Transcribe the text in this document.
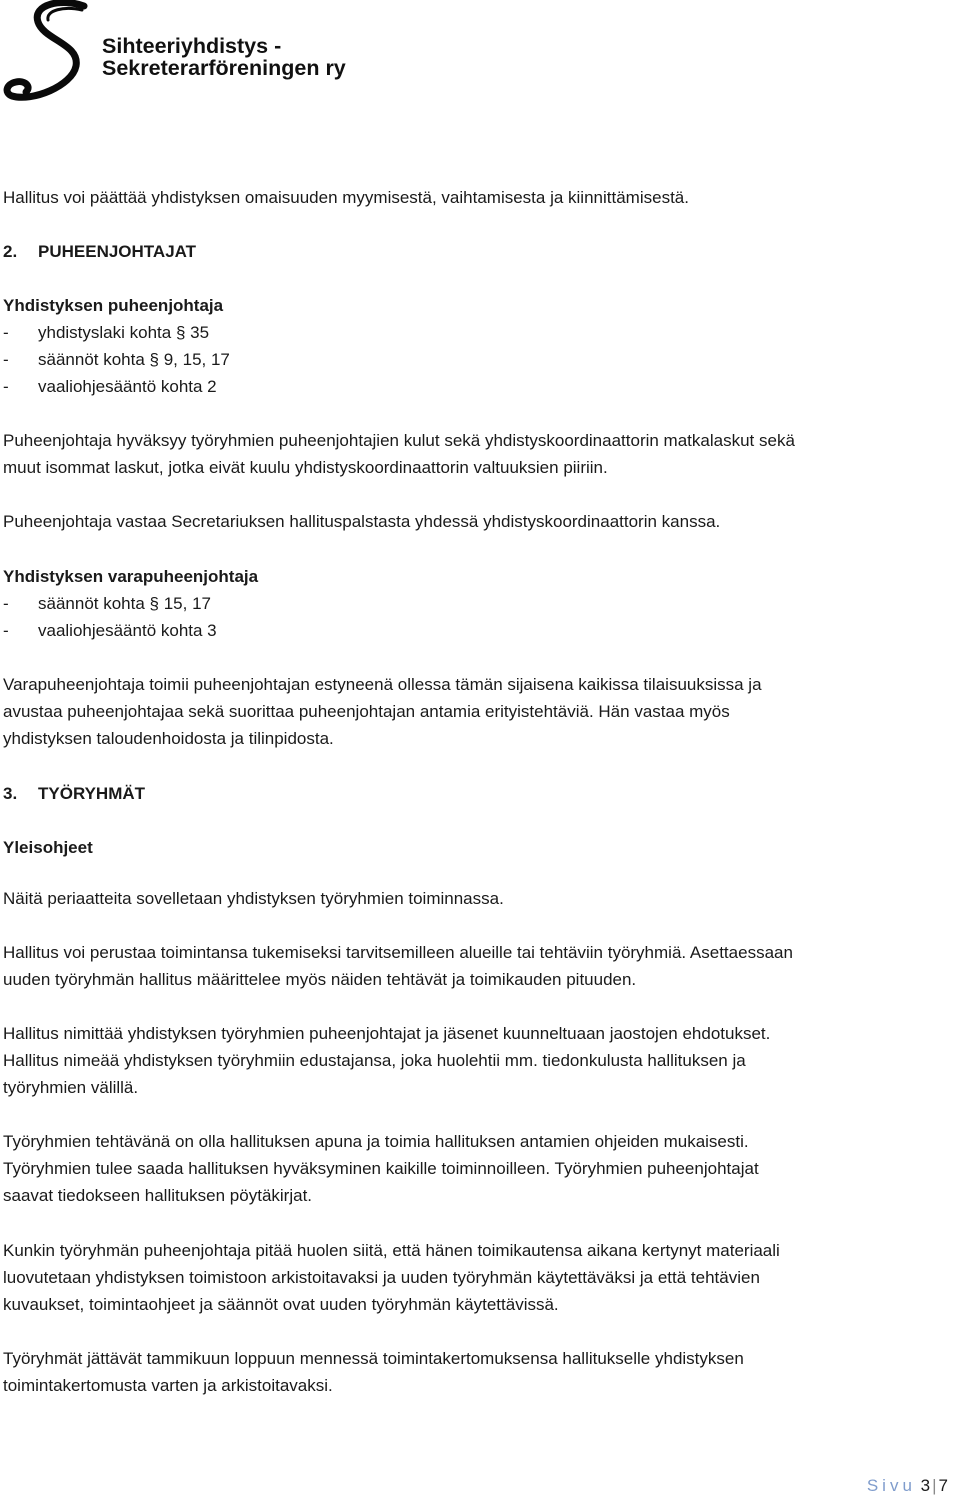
Sihteeriyhdistys -
Sekreterarföreningen ry

Hallitus voi päättää yhdistyksen omaisuuden myymisestä, vaihtamisesta ja kiinnittämisestä.

2. PUHEENJOHTAJAT
Yhdistyksen puheenjohtaja
- yhdistyslaki kohta § 35
- säännöt kohta § 9, 15, 17
- vaaliohjesääntö kohta 2
Puheenjohtaja hyväksyy työryhmien puheenjohtajien kulut sekä yhdistyskoordinaattorin matkalaskut sekä
muut isommat laskut, jotka eivät kuulu yhdistyskoordinaattorin valtuuksien piiriin.
Puheenjohtaja vastaa Secretariuksen hallituspalstasta yhdessä yhdistyskoordinaattorin kanssa.
Yhdistyksen varapuheenjohtaja
- säännöt kohta § 15, 17
- vaaliohjesääntö kohta 3
Varapuheenjohtaja toimii puheenjohtajan estyneenä ollessa tämän sijaisena kaikissa tilaisuuksissa ja
avustaa puheenjohtajaa sekä suorittaa puheenjohtajan antamia erityistehtäviä. Hän vastaa myös
yhdistyksen taloudenhoidosta ja tilinpidosta.
3. TYÖRYHMÄT
Yleisohjeet
Näitä periaatteita sovelletaan yhdistyksen työryhmien toiminnassa.
Hallitus voi perustaa toimintansa tukemiseksi tarvitsemilleen alueille tai tehtäviin työryhmiä. Asettaessaan
uuden työryhmän hallitus määrittelee myös näiden tehtävät ja toimikauden pituuden.
Hallitus nimittää yhdistyksen työryhmien puheenjohtajat ja jäsenet kuunneltuaan jaostojen ehdotukset.
Hallitus nimeää yhdistyksen työryhmiin edustajansa, joka huolehtii mm. tiedonkulusta hallituksen ja
työryhmien välillä.
Työryhmien tehtävänä on olla hallituksen apuna ja toimia hallituksen antamien ohjeiden mukaisesti.
Työryhmien tulee saada hallituksen hyväksyminen kaikille toiminnoilleen. Työryhmien puheenjohtajat
saavat tiedokseen hallituksen pöytäkirjat.
Kunkin työryhmän puheenjohtaja pitää huolen siitä, että hänen toimikautensa aikana kertynyt materiaali
luovutetaan yhdistyksen toimistoon arkistoitavaksi ja uuden työryhmän käytettäväksi ja että tehtävien
kuvaukset, toimintaohjeet ja säännöt ovat uuden työryhmän käytettävissä.
Työryhmät jättävät tammikuun loppuun mennessä toimintakertomuksensa hallitukselle yhdistyksen
toimintakertomusta varten ja arkistoitavaksi.
Sivu 3 | 7
